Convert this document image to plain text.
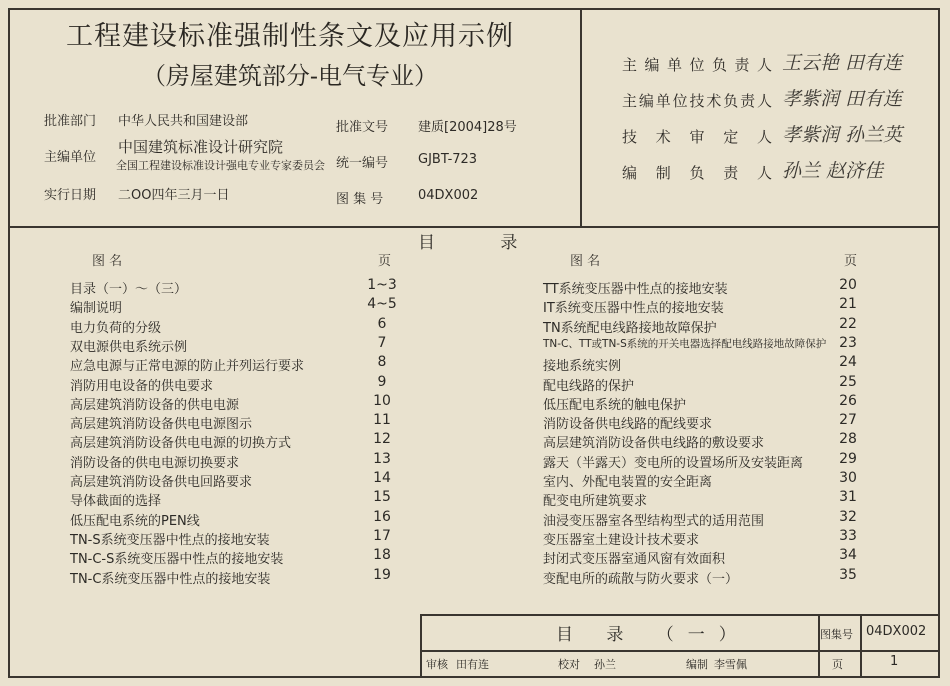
工程建设标准强制性条文及应用示例
（房屋建筑部分-电气专业）
批准部门 中华人民共和国建设部
主编单位
中国建筑标准设计研究院
全国工程建设标准设计强电专业专家委员会
实行日期 二OO四年三月一日
批准文号 建质[2004]28号
统一编号 GJBT-723
图 集 号	04DX002
主编单位负责人 王云艳 田有连
主编单位技术负责人 孝紫润 田有连
技术审定人 孝紫润 孙兰英
编制负责人 孙兰 赵济佳
目 录
图 名	页	图 名	页
目录（一）～（三）	1~3
编制说明	4~5
电力负荷的分级	6
双电源供电系统示例	7
应急电源与正常电源的防止并列运行要求	8
消防用电设备的供电要求	9
高层建筑消防设备的供电电源	10
高层建筑消防设备供电电源图示	11
高层建筑消防设备供电电源的切换方式	12
消防设备的供电电源切换要求	13
高层建筑消防设备供电回路要求	14
导体截面的选择	15
低压配电系统的PEN线	16
TN-S系统变压器中性点的接地安装	17
TN-C-S系统变压器中性点的接地安装	18
TN-C系统变压器中性点的接地安装	19
TT系统变压器中性点的接地安装	20
IT系统变压器中性点的接地安装	21
TN系统配电线路接地故障保护	22
TN-C、TT或TN-S系统的开关电器选择配电线路接地故障保护 23
接地系统实例	24
配电线路的保护	25
低压配电系统的触电保护	26
消防设备供电线路的配线要求	27
高层建筑消防设备供电线路的敷设要求	28
露天（半露天）变电所的设置场所及安装距离	29
室内、外配电装置的安全距离	30
配变电所建筑要求	31
油浸变压器室各型结构型式的适用范围	32
变压器室土建设计技术要求	33
封闭式变压器室通风窗有效面积	34
变配电所的疏散与防火要求（一）	35
目 录 （一）	图集号 04DX002
审核 田有连	校对 孙兰	编制 李雪佩	页	1
